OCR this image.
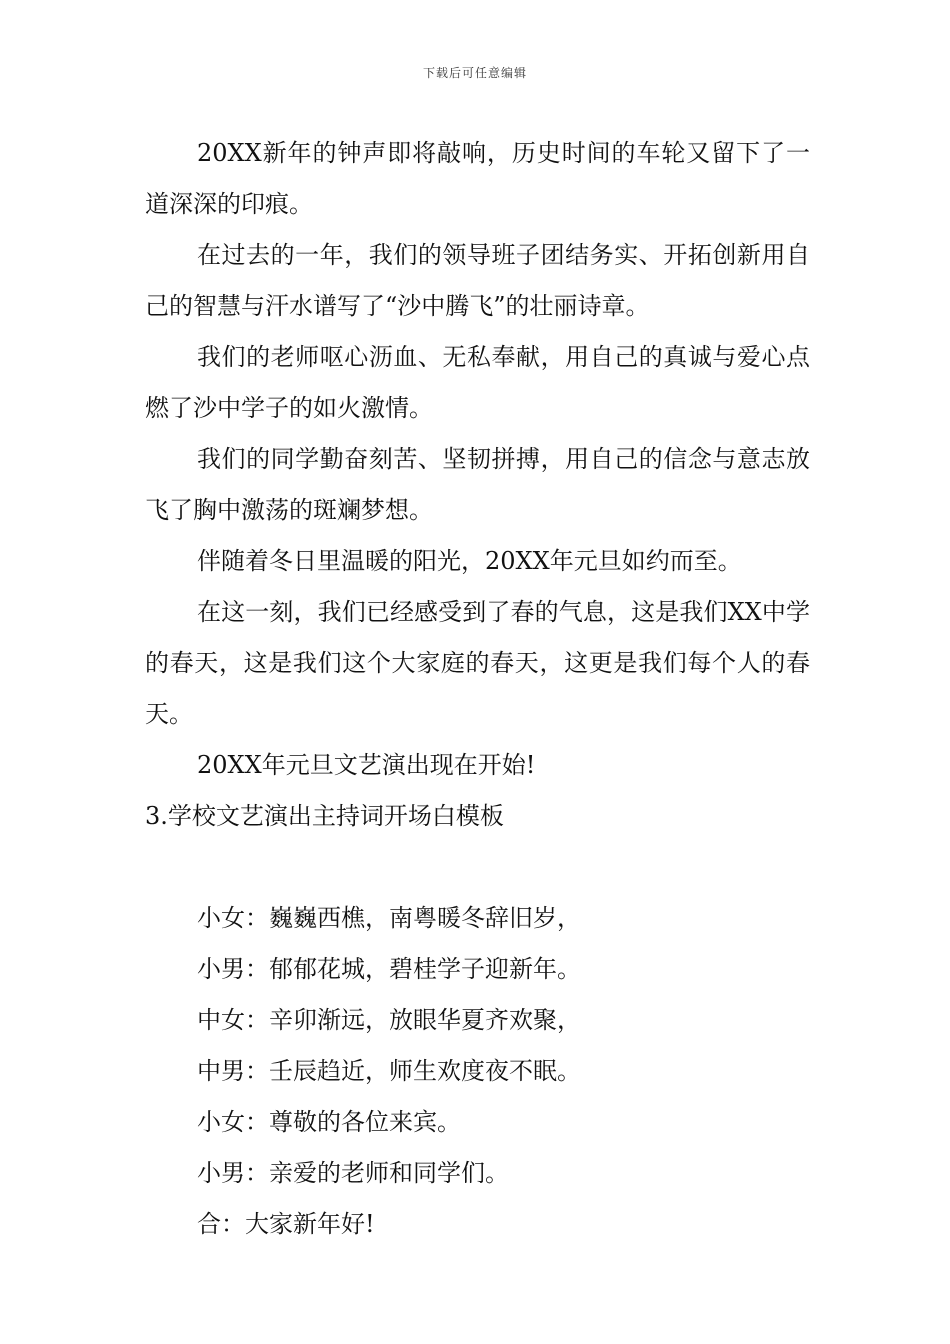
下载后可任意编辑

20XX新年的钟声即将敲响，历史时间的车轮又留下了一道深深的印痕。

在过去的一年，我们的领导班子团结务实、开拓创新用自己的智慧与汗水谱写了“沙中腾飞”的壮丽诗章。

我们的老师呕心沥血、无私奉献，用自己的真诚与爱心点燃了沙中学子的如火激情。

我们的同学勤奋刻苦、坚韧拼搏，用自己的信念与意志放飞了胸中激荡的斑斓梦想。

伴随着冬日里温暖的阳光，20XX年元旦如约而至。

在这一刻，我们已经感受到了春的气息，这是我们XX中学的春天，这是我们这个大家庭的春天，这更是我们每个人的春天。

20XX年元旦文艺演出现在开始!

3.学校文艺演出主持词开场白模板

小女：巍巍西樵，南粤暖冬辞旧岁，

小男：郁郁花城，碧桂学子迎新年。

中女：辛卯渐远，放眼华夏齐欢聚，

中男：壬辰趋近，师生欢度夜不眠。

小女：尊敬的各位来宾。

小男：亲爱的老师和同学们。

合：大家新年好!
